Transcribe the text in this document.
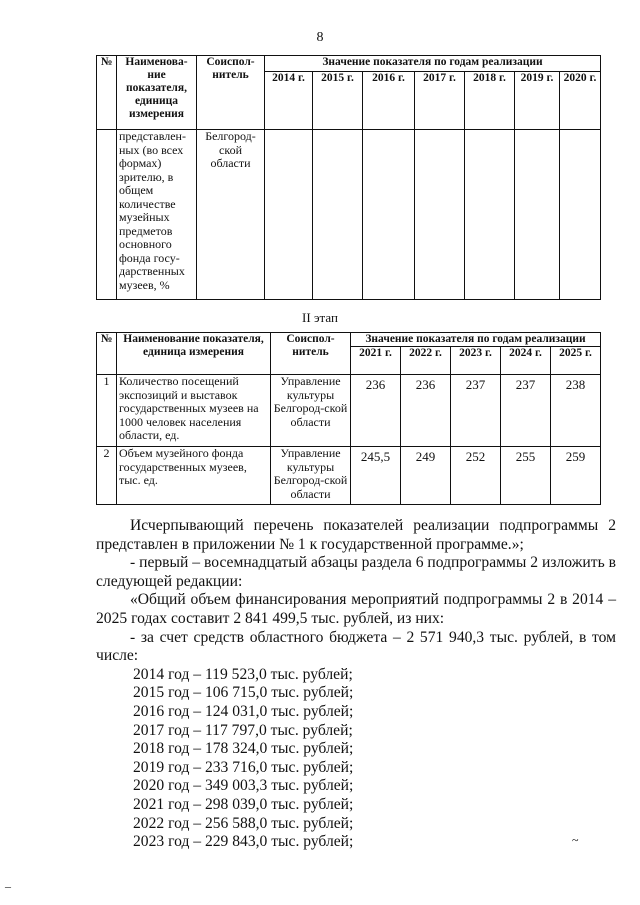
8
№	Наименова-ние показателя, единица измерения	Соиспол-нитель	Значение показателя по годам реализации						
			2014 г.	2015 г.	2016 г.	2017 г.	2018 г.	2019 г.	2020 г.
	представлен-ных (во всех формах) зрителю, в общем количестве музейных предметов основного фонда госу-дарственных музеев, %	Белгород-ской области							
II этап
№	Наименование показателя, единица измерения	Соиспол-нитель	Значение показателя по годам реализации				
			2021 г.	2022 г.	2023 г.	2024 г.	2025 г.
1	Количество посещений экспозиций и выставок государственных музеев на 1000 человек населения области, ед.	Управление культуры Белгород-ской области	236	236	237	237	238
2	Объем музейного фонда государственных музеев, тыс. ед.	Управление культуры Белгород-ской области	245,5	249	252	255	259

Исчерпывающий перечень показателей реализации подпрограммы 2 представлен в приложении № 1 к государственной программе.»;

- первый – восемнадцатый абзацы раздела 6 подпрограммы 2 изложить в следующей редакции:

«Общий объем финансирования мероприятий подпрограммы 2 в 2014 – 2025 годах составит 2 841 499,5 тыс. рублей, из них:

- за счет средств областного бюджета – 2 571 940,3 тыс. рублей, в том числе:

2014 год – 119 523,0 тыс. рублей;

2015 год – 106 715,0 тыс. рублей;

2016 год – 124 031,0 тыс. рублей;

2017 год – 117 797,0 тыс. рублей;

2018 год – 178 324,0 тыс. рублей;

2019 год – 233 716,0 тыс. рублей;

2020 год – 349 003,3 тыс. рублей;

2021 год – 298 039,0 тыс. рублей;

2022 год – 256 588,0 тыс. рублей;

2023 год – 229 843,0 тыс. рублей;	~
–
